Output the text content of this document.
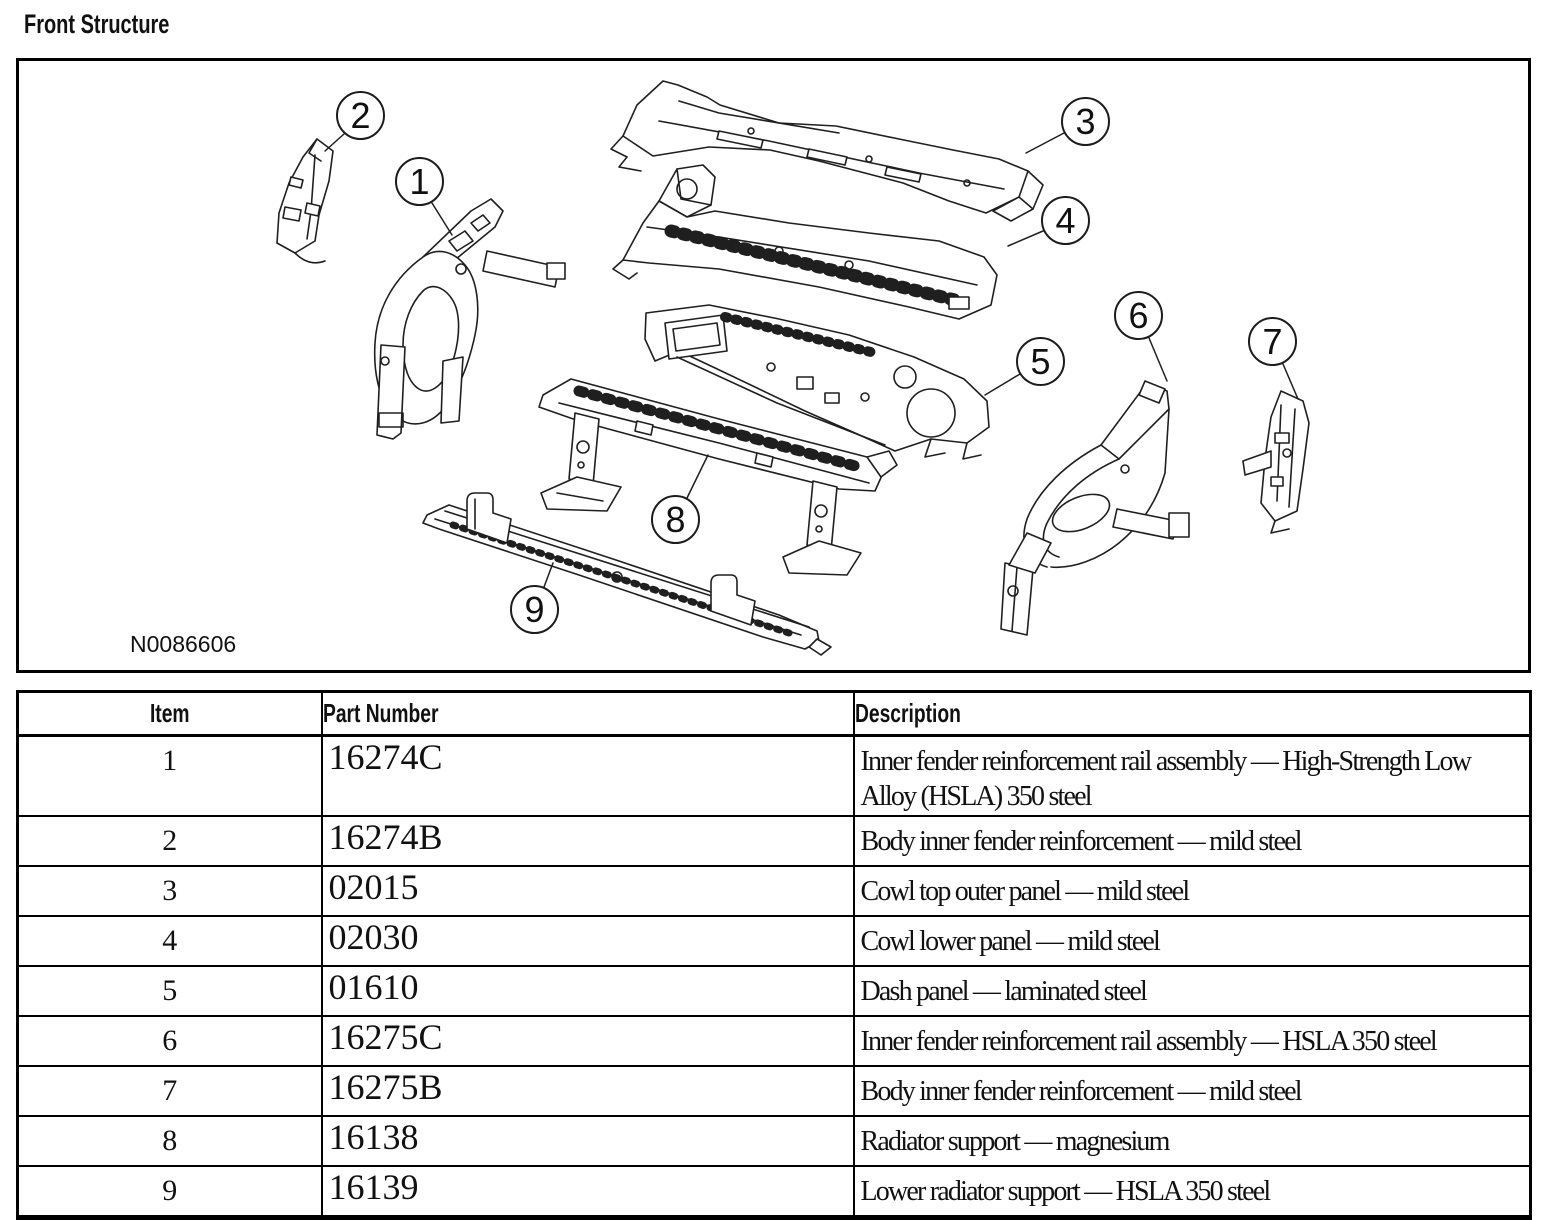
Front Structure
1
2	3
4
5
6
7
8
9
N0086606
Item	Part Number	Description
1	16274C	Inner fender reinforcement rail assembly — High-Strength Low Alloy (HSLA) 350 steel
2	16274B	Body inner fender reinforcement — mild steel
3	02015	Cowl top outer panel — mild steel
4	02030	Cowl lower panel — mild steel
5	01610	Dash panel — laminated steel
6	16275C	Inner fender reinforcement rail assembly — HSLA 350 steel
7	16275B	Body inner fender reinforcement — mild steel
8	16138	Radiator support — magnesium
9	16139	Lower radiator support — HSLA 350 steel
